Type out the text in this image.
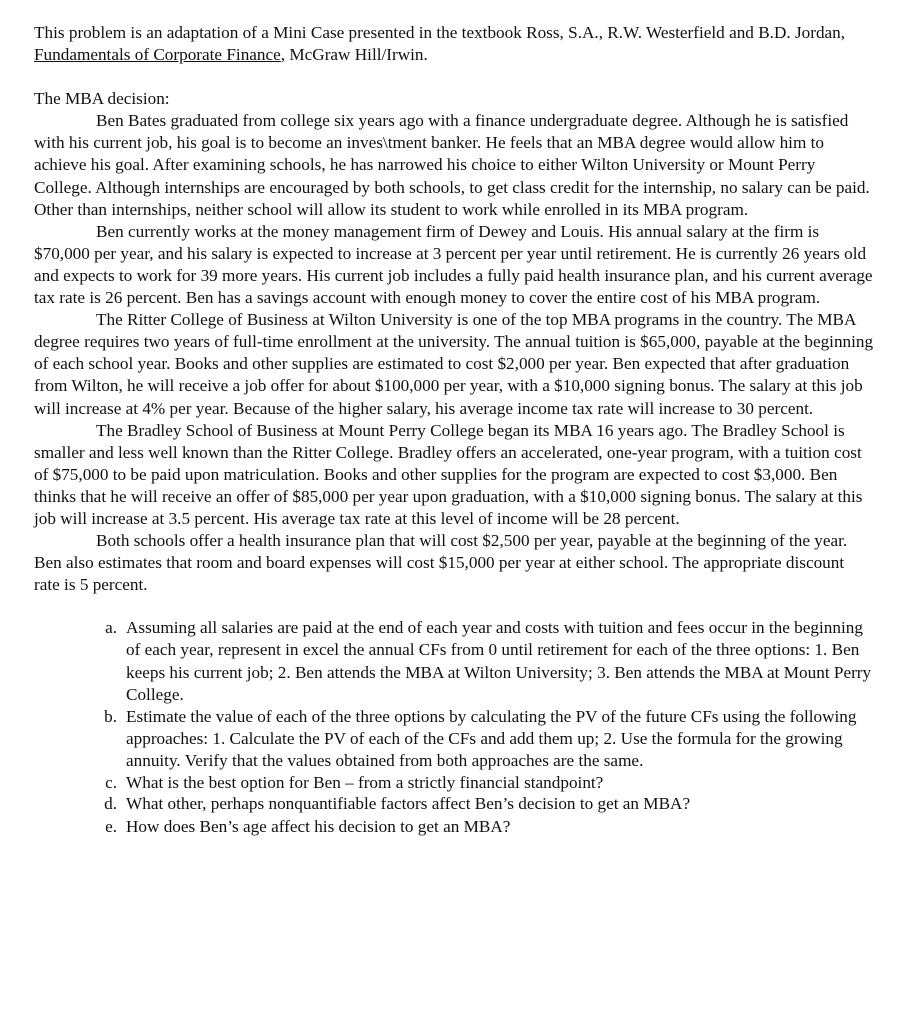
This problem is an adaptation of a Mini Case presented in the textbook Ross, S.A., R.W. Westerfield and B.D. Jordan, Fundamentals of Corporate Finance, McGraw Hill/Irwin.

The MBA decision:

Ben Bates graduated from college six years ago with a finance undergraduate degree. Although he is satisfied with his current job, his goal is to become an inves\tment banker. He feels that an MBA degree would allow him to achieve his goal. After examining schools, he has narrowed his choice to either Wilton University or Mount Perry College. Although internships are encouraged by both schools, to get class credit for the internship, no salary can be paid. Other than internships, neither school will allow its student to work while enrolled in its MBA program.

Ben currently works at the money management firm of Dewey and Louis. His annual salary at the firm is $70,000 per year, and his salary is expected to increase at 3 percent per year until retirement. He is currently 26 years old and expects to work for 39 more years. His current job includes a fully paid health insurance plan, and his current average tax rate is 26 percent. Ben has a savings account with enough money to cover the entire cost of his MBA program.

The Ritter College of Business at Wilton University is one of the top MBA programs in the country. The MBA degree requires two years of full-time enrollment at the university. The annual tuition is $65,000, payable at the beginning of each school year. Books and other supplies are estimated to cost $2,000 per year. Ben expected that after graduation from Wilton, he will receive a job offer for about $100,000 per year, with a $10,000 signing bonus. The salary at this job will increase at 4% per year. Because of the higher salary, his average income tax rate will increase to 30 percent.

The Bradley School of Business at Mount Perry College began its MBA 16 years ago. The Bradley School is smaller and less well known than the Ritter College. Bradley offers an accelerated, one-year program, with a tuition cost of $75,000 to be paid upon matriculation. Books and other supplies for the program are expected to cost $3,000. Ben thinks that he will receive an offer of $85,000 per year upon graduation, with a $10,000 signing bonus. The salary at this job will increase at 3.5 percent. His average tax rate at this level of income will be 28 percent.

Both schools offer a health insurance plan that will cost $2,500 per year, payable at the beginning of the year. Ben also estimates that room and board expenses will cost $15,000 per year at either school. The appropriate discount rate is 5 percent.

a. Assuming all salaries are paid at the end of each year and costs with tuition and fees occur in the beginning of each year, represent in excel the annual CFs from 0 until retirement for each of the three options: 1. Ben keeps his current job; 2. Ben attends the MBA at Wilton University; 3. Ben attends the MBA at Mount Perry College.
b. Estimate the value of each of the three options by calculating the PV of the future CFs using the following approaches: 1. Calculate the PV of each of the CFs and add them up; 2. Use the formula for the growing annuity. Verify that the values obtained from both approaches are the same.
c. What is the best option for Ben – from a strictly financial standpoint?
d. What other, perhaps nonquantifiable factors affect Ben’s decision to get an MBA?
e. How does Ben’s age affect his decision to get an MBA?
